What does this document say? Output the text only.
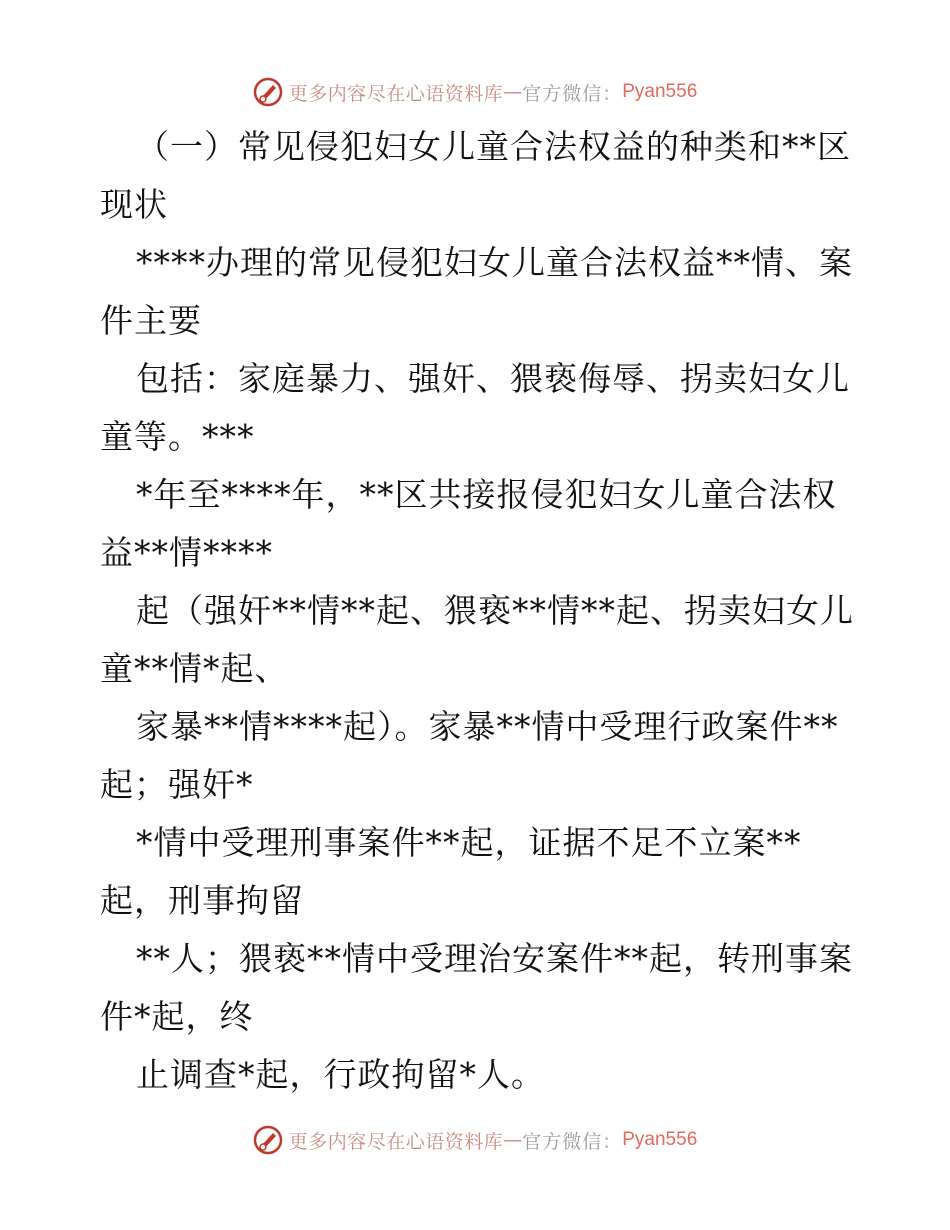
更多内容尽在心语资料库 — 官方微信： Pyan556
（一）常见侵犯妇女儿童合法权益的种类和**区
现状
****办理的常见侵犯妇女儿童合法权益**情、案
件主要
包括：家庭暴力、强奸、猥亵侮辱、拐卖妇女儿
童等。***
*年至****年，**区共接报侵犯妇女儿童合法权
益**情****
起（强奸**情**起、猥亵**情**起、拐卖妇女儿
童**情*起、
家暴**情****起）。家暴**情中受理行政案件**
起；强奸*
*情中受理刑事案件**起，证据不足不立案**
起，刑事拘留
**人；猥亵**情中受理治安案件**起，转刑事案
件*起，终
止调查*起，行政拘留*人。
更多内容尽在心语资料库 — 官方微信： Pyan556
